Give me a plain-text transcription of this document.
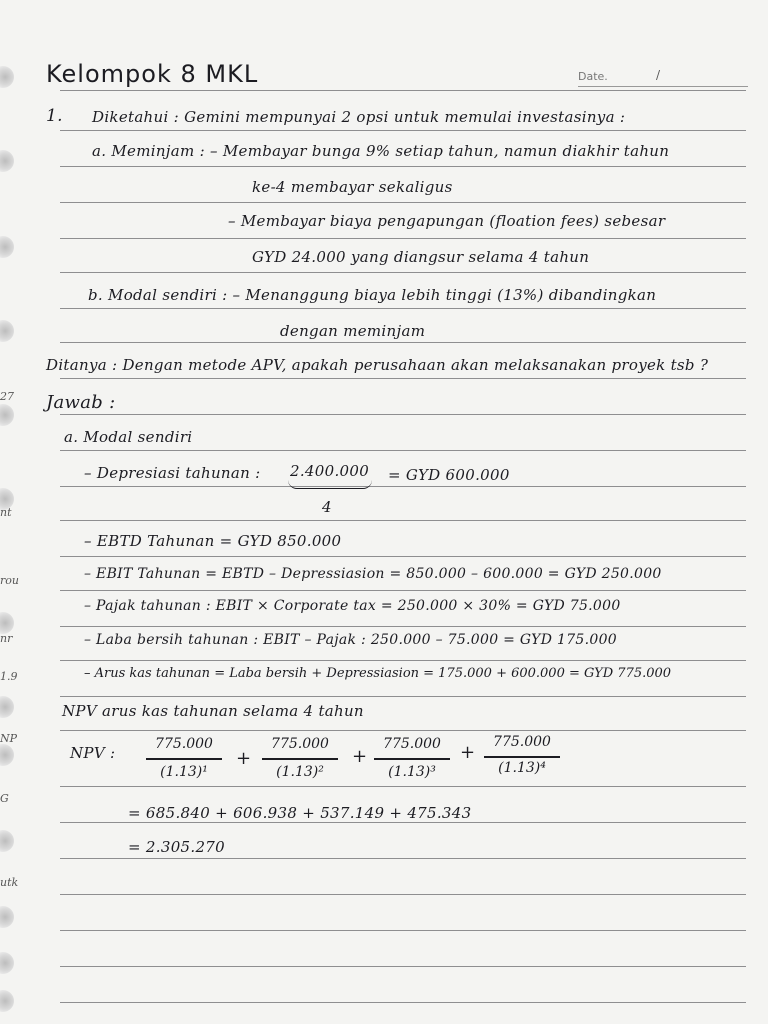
27
nt
rou
nr
1.9
NP
G
utk
Kelompok 8 MKL	Date.	/
1. Diketahui : Gemini mempunyai 2 opsi untuk memulai investasinya :
a. Meminjam : – Membayar bunga 9% setiap tahun, namun diakhir tahun
ke-4 membayar sekaligus
– Membayar biaya pengapungan (floation fees) sebesar
GYD 24.000 yang diangsur selama 4 tahun
b. Modal sendiri : – Menanggung biaya lebih tinggi (13%) dibandingkan
dengan meminjam
Ditanya : Dengan metode APV, apakah perusahaan akan melaksanakan proyek tsb ?
Jawab :
a. Modal sendiri
– Depresiasi tahunan : 2.400.000
4
= GYD 600.000
– EBTD Tahunan = GYD 850.000
– EBIT Tahunan = EBTD – Depressiasion = 850.000 – 600.000 = GYD 250.000
– Pajak tahunan : EBIT × Corporate tax = 250.000 × 30% = GYD 75.000
– Laba bersih tahunan : EBIT – Pajak : 250.000 – 75.000 = GYD 175.000
– Arus kas tahunan = Laba bersih + Depressiasion = 175.000 + 600.000 = GYD 775.000
NPV arus kas tahunan selama 4 tahun
NPV :	775.000
(1.13)¹
+
775.000
(1.13)²
+
775.000
(1.13)³
+	775.000
(1.13)⁴
= 685.840 + 606.938 + 537.149 + 475.343
= 2.305.270
